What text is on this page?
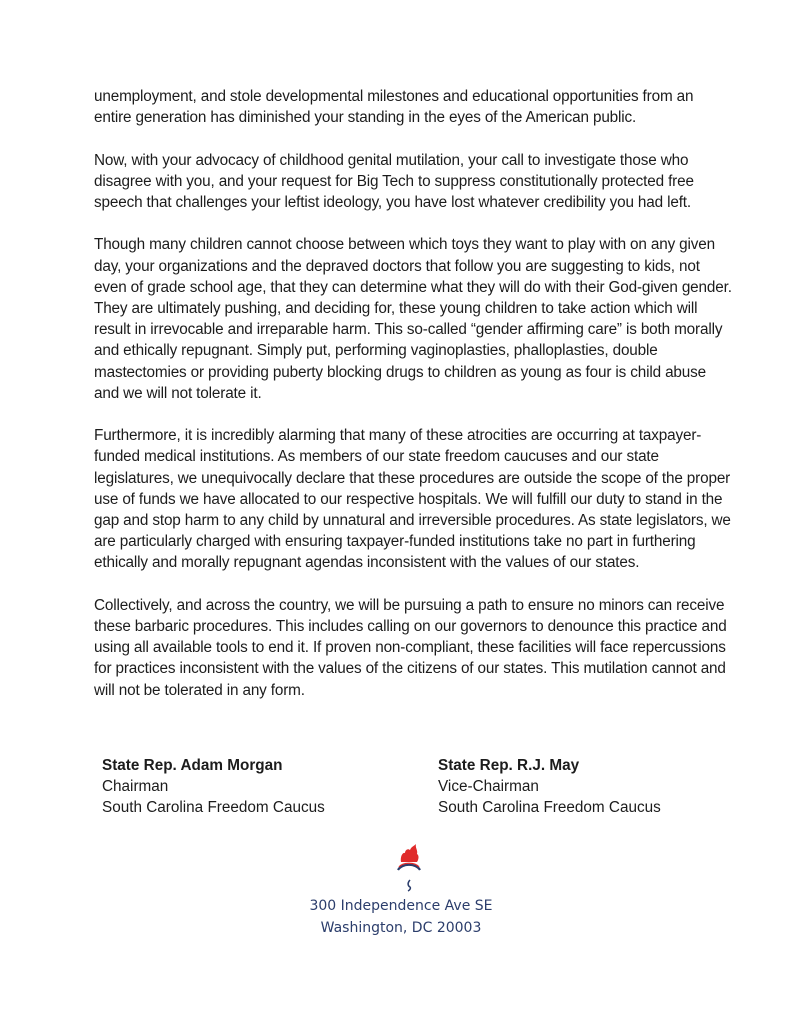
unemployment, and stole developmental milestones and educational opportunities from an entire generation has diminished your standing in the eyes of the American public.

Now, with your advocacy of childhood genital mutilation, your call to investigate those who disagree with you, and your request for Big Tech to suppress constitutionally protected free speech that challenges your leftist ideology, you have lost whatever credibility you had left.

Though many children cannot choose between which toys they want to play with on any given day, your organizations and the depraved doctors that follow you are suggesting to kids, not even of grade school age, that they can determine what they will do with their God-given gender. They are ultimately pushing, and deciding for, these young children to take action which will result in irrevocable and irreparable harm. This so-called “gender affirming care” is both morally and ethically repugnant. Simply put, performing vaginoplasties, phalloplasties, double mastectomies or providing puberty blocking drugs to children as young as four is child abuse and we will not tolerate it.

Furthermore, it is incredibly alarming that many of these atrocities are occurring at taxpayer-funded medical institutions. As members of our state freedom caucuses and our state legislatures, we unequivocally declare that these procedures are outside the scope of the proper use of funds we have allocated to our respective hospitals. We will fulfill our duty to stand in the gap and stop harm to any child by unnatural and irreversible procedures. As state legislators, we are particularly charged with ensuring taxpayer-funded institutions take no part in furthering ethically and morally repugnant agendas inconsistent with the values of our states.

Collectively, and across the country, we will be pursuing a path to ensure no minors can receive these barbaric procedures. This includes calling on our governors to denounce this practice and using all available tools to end it. If proven non-compliant, these facilities will face repercussions for practices inconsistent with the values of the citizens of our states. This mutilation cannot and will not be tolerated in any form.

State Rep. Adam Morgan
Chairman
South Carolina Freedom Caucus
State Rep. R.J. May
Vice-Chairman
South Carolina Freedom Caucus
300 Independence Ave SE
Washington, DC 20003
